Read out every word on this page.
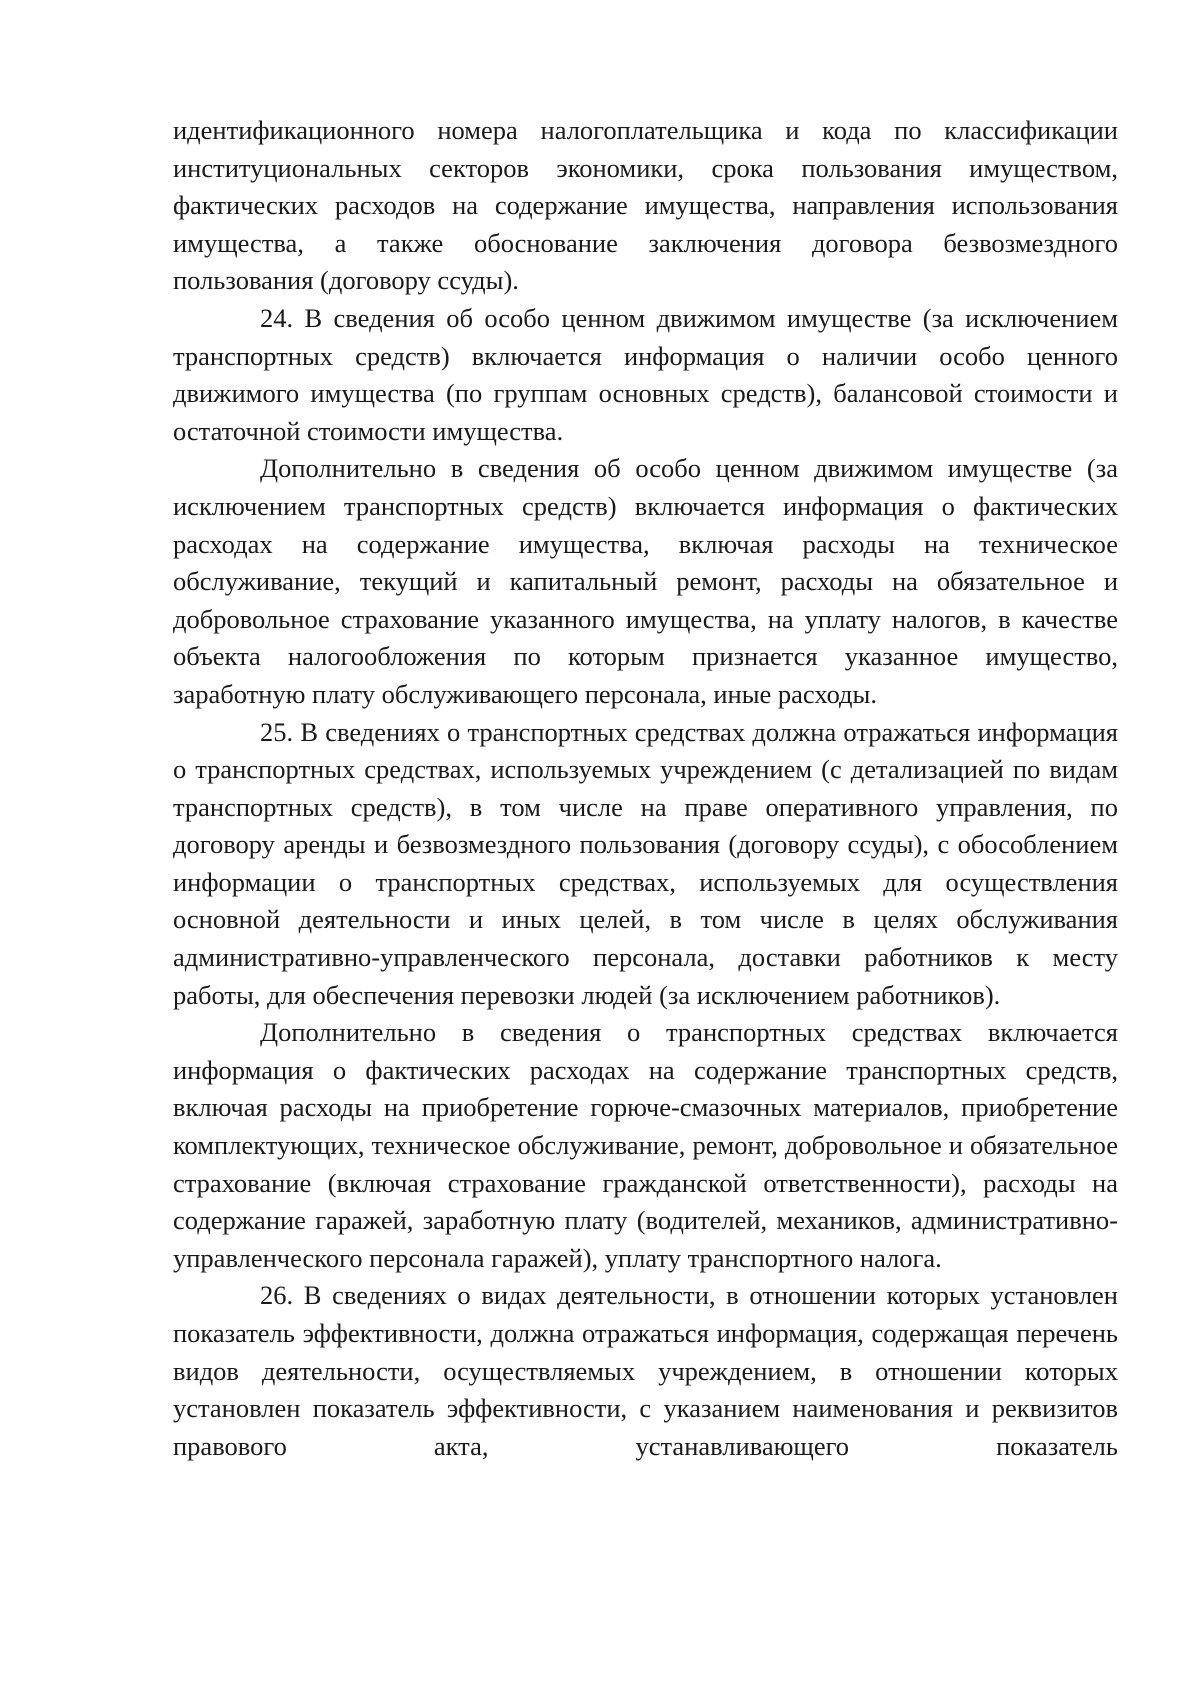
идентификационного номера налогоплательщика и кода по классификации институциональных секторов экономики, срока пользования имуществом, фактических расходов на содержание имущества, направления использования имущества, а также обоснование заключения договора безвозмездного пользования (договору ссуды).

24. В сведения об особо ценном движимом имуществе (за исключением транспортных средств) включается информация о наличии особо ценного движимого имущества (по группам основных средств), балансовой стоимости и остаточной стоимости имущества.

Дополнительно в сведения об особо ценном движимом имуществе (за исключением транспортных средств) включается информация о фактических расходах на содержание имущества, включая расходы на техническое обслуживание, текущий и капитальный ремонт, расходы на обязательное и добровольное страхование указанного имущества, на уплату налогов, в качестве объекта налогообложения по которым признается указанное имущество, заработную плату обслуживающего персонала, иные расходы.

25. В сведениях о транспортных средствах должна отражаться информация о транспортных средствах, используемых учреждением (с детализацией по видам транспортных средств), в том числе на праве оперативного управления, по договору аренды и безвозмездного пользования (договору ссуды), с обособлением информации о транспортных средствах, используемых для осуществления основной деятельности и иных целей, в том числе в целях обслуживания административно-управленческого персонала, доставки работников к месту работы, для обеспечения перевозки людей (за исключением работников).

Дополнительно в сведения о транспортных средствах включается информация о фактических расходах на содержание транспортных средств, включая расходы на приобретение горюче-смазочных материалов, приобретение комплектующих, техническое обслуживание, ремонт, добровольное и обязательное страхование (включая страхование гражданской ответственности), расходы на содержание гаражей, заработную плату (водителей, механиков, административно-управленческого персонала гаражей), уплату транспортного налога.

26. В сведениях о видах деятельности, в отношении которых установлен показатель эффективности, должна отражаться информация, содержащая перечень видов деятельности, осуществляемых учреждением, в отношении которых установлен показатель эффективности, с указанием наименования и реквизитов правового акта, устанавливающего показатель
